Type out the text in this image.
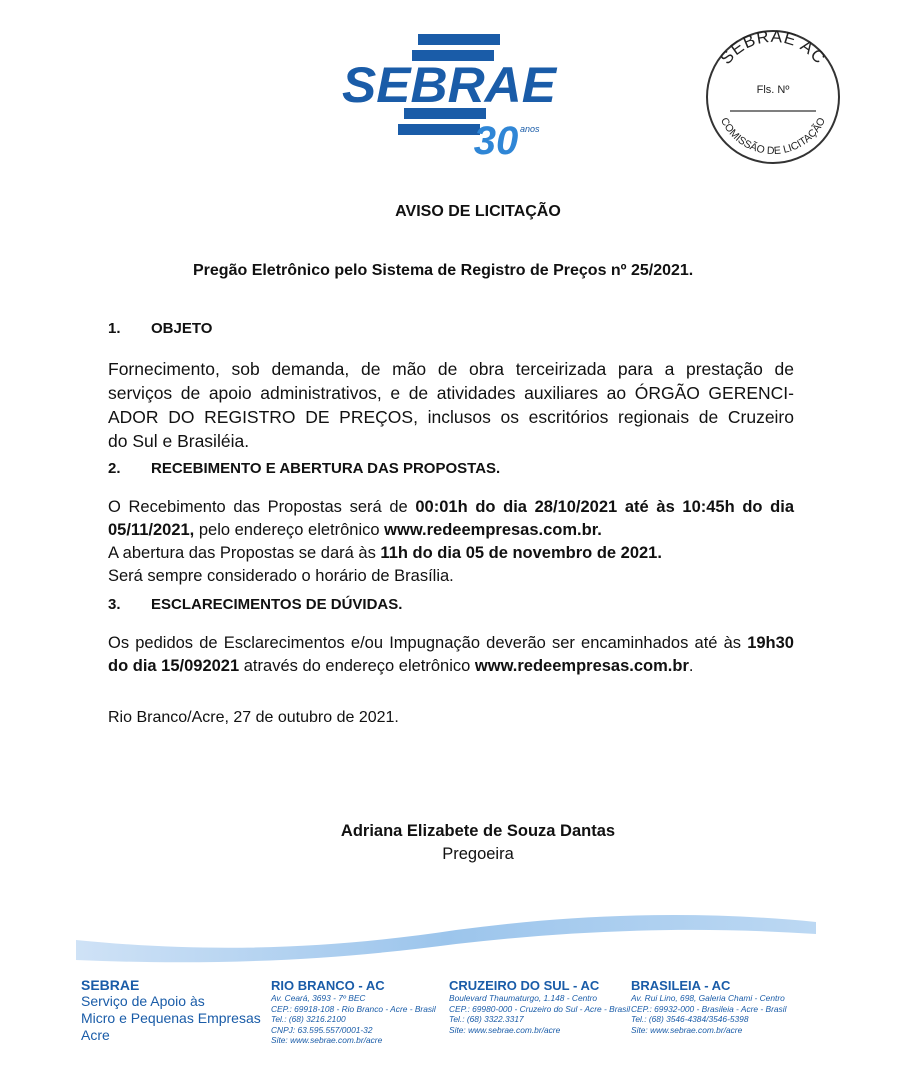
SEBRAE
30 anos
SEBRAE AC
Fls. Nº
COMISSÃO DE LICITAÇÃO
AVISO DE LICITAÇÃO
Pregão Eletrônico pelo Sistema de Registro de Preços nº 25/2021.
1. OBJETO
Fornecimento, sob demanda, de mão de obra terceirizada para a prestação de
serviços de apoio administrativos, e de atividades auxiliares ao ÓRGÃO GERENCI-
ADOR DO REGISTRO DE PREÇOS, inclusos os escritórios regionais de Cruzeiro
do Sul e Brasiléia.
2. RECEBIMENTO E ABERTURA DAS PROPOSTAS.
O Recebimento das Propostas será de 00:01h do dia 28/10/2021 até às 10:45h do dia
05/11/2021, pelo endereço eletrônico www.redeempresas.com.br.
A abertura das Propostas se dará às 11h do dia 05 de novembro de 2021.
Será sempre considerado o horário de Brasília.
3. ESCLARECIMENTOS DE DÚVIDAS.
Os pedidos de Esclarecimentos e/ou Impugnação deverão ser encaminhados até às 19h30
do dia 15/092021 através do endereço eletrônico www.redeempresas.com.br.
Rio Branco/Acre, 27 de outubro de 2021.
Adriana Elizabete de Souza Dantas
Pregoeira
SEBRAE
Serviço de Apoio às
Micro e Pequenas Empresas
Acre
RIO BRANCO - AC
Av. Ceará, 3693 - 7º BEC
CEP.: 69918-108 - Rio Branco - Acre - Brasil
Tel.: (68) 3216.2100
CNPJ: 63.595.557/0001-32
Site: www.sebrae.com.br/acre
CRUZEIRO DO SUL - AC
Boulevard Thaumaturgo, 1.148 - Centro
CEP.: 69980-000 - Cruzeiro do Sul - Acre - Brasil
Tel.: (68) 3322.3317
Site: www.sebrae.com.br/acre
BRASILEIA - AC
Av. Rui Lino, 698, Galeria Chami - Centro
CEP.: 69932-000 - Brasileia - Acre - Brasil
Tel.: (68) 3546-4384/3546-5398
Site: www.sebrae.com.br/acre
